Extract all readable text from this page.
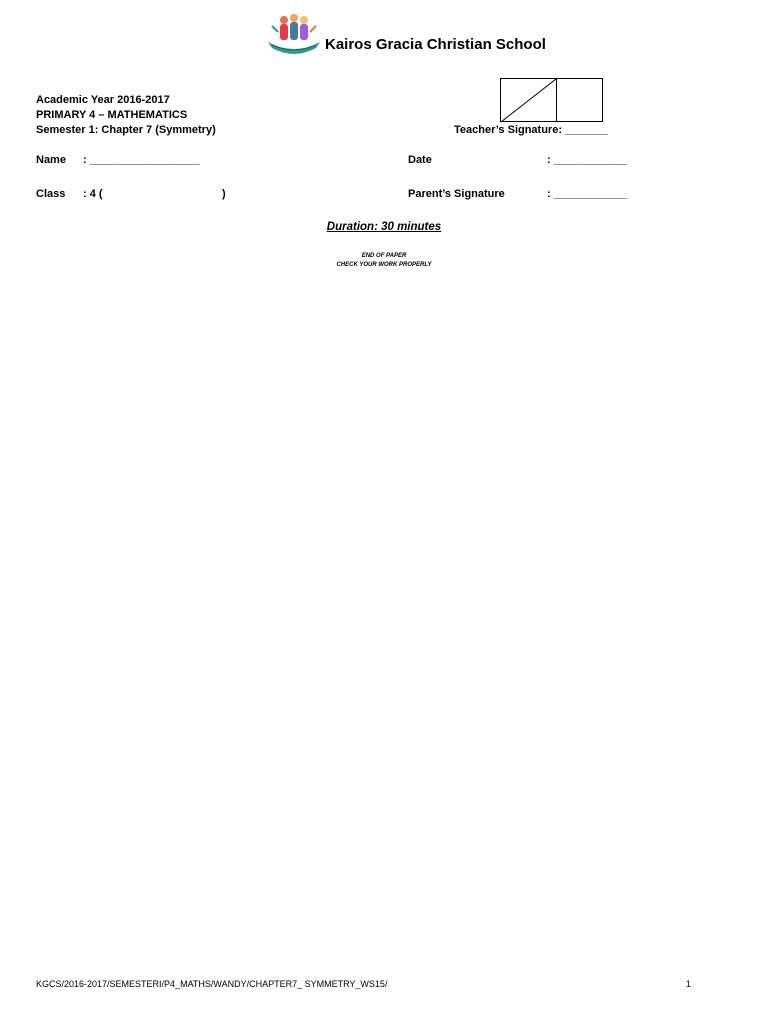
Kairos Gracia Christian School
Academic Year 2016-2017
PRIMARY 4 – MATHEMATICS
Semester 1: Chapter 7 (Symmetry)	Teacher’s Signature: _______
Name : __________________	Date	: ____________
Class : 4 (	)	Parent’s Signature	: ____________
Duration: 30 minutes
END OF PAPER
CHECK YOUR WORK PROPERLY
KGCS/2016-2017/SEMESTERI/P4_MATHS/WANDY/CHAPTER7_ SYMMETRY_WS15/	1
